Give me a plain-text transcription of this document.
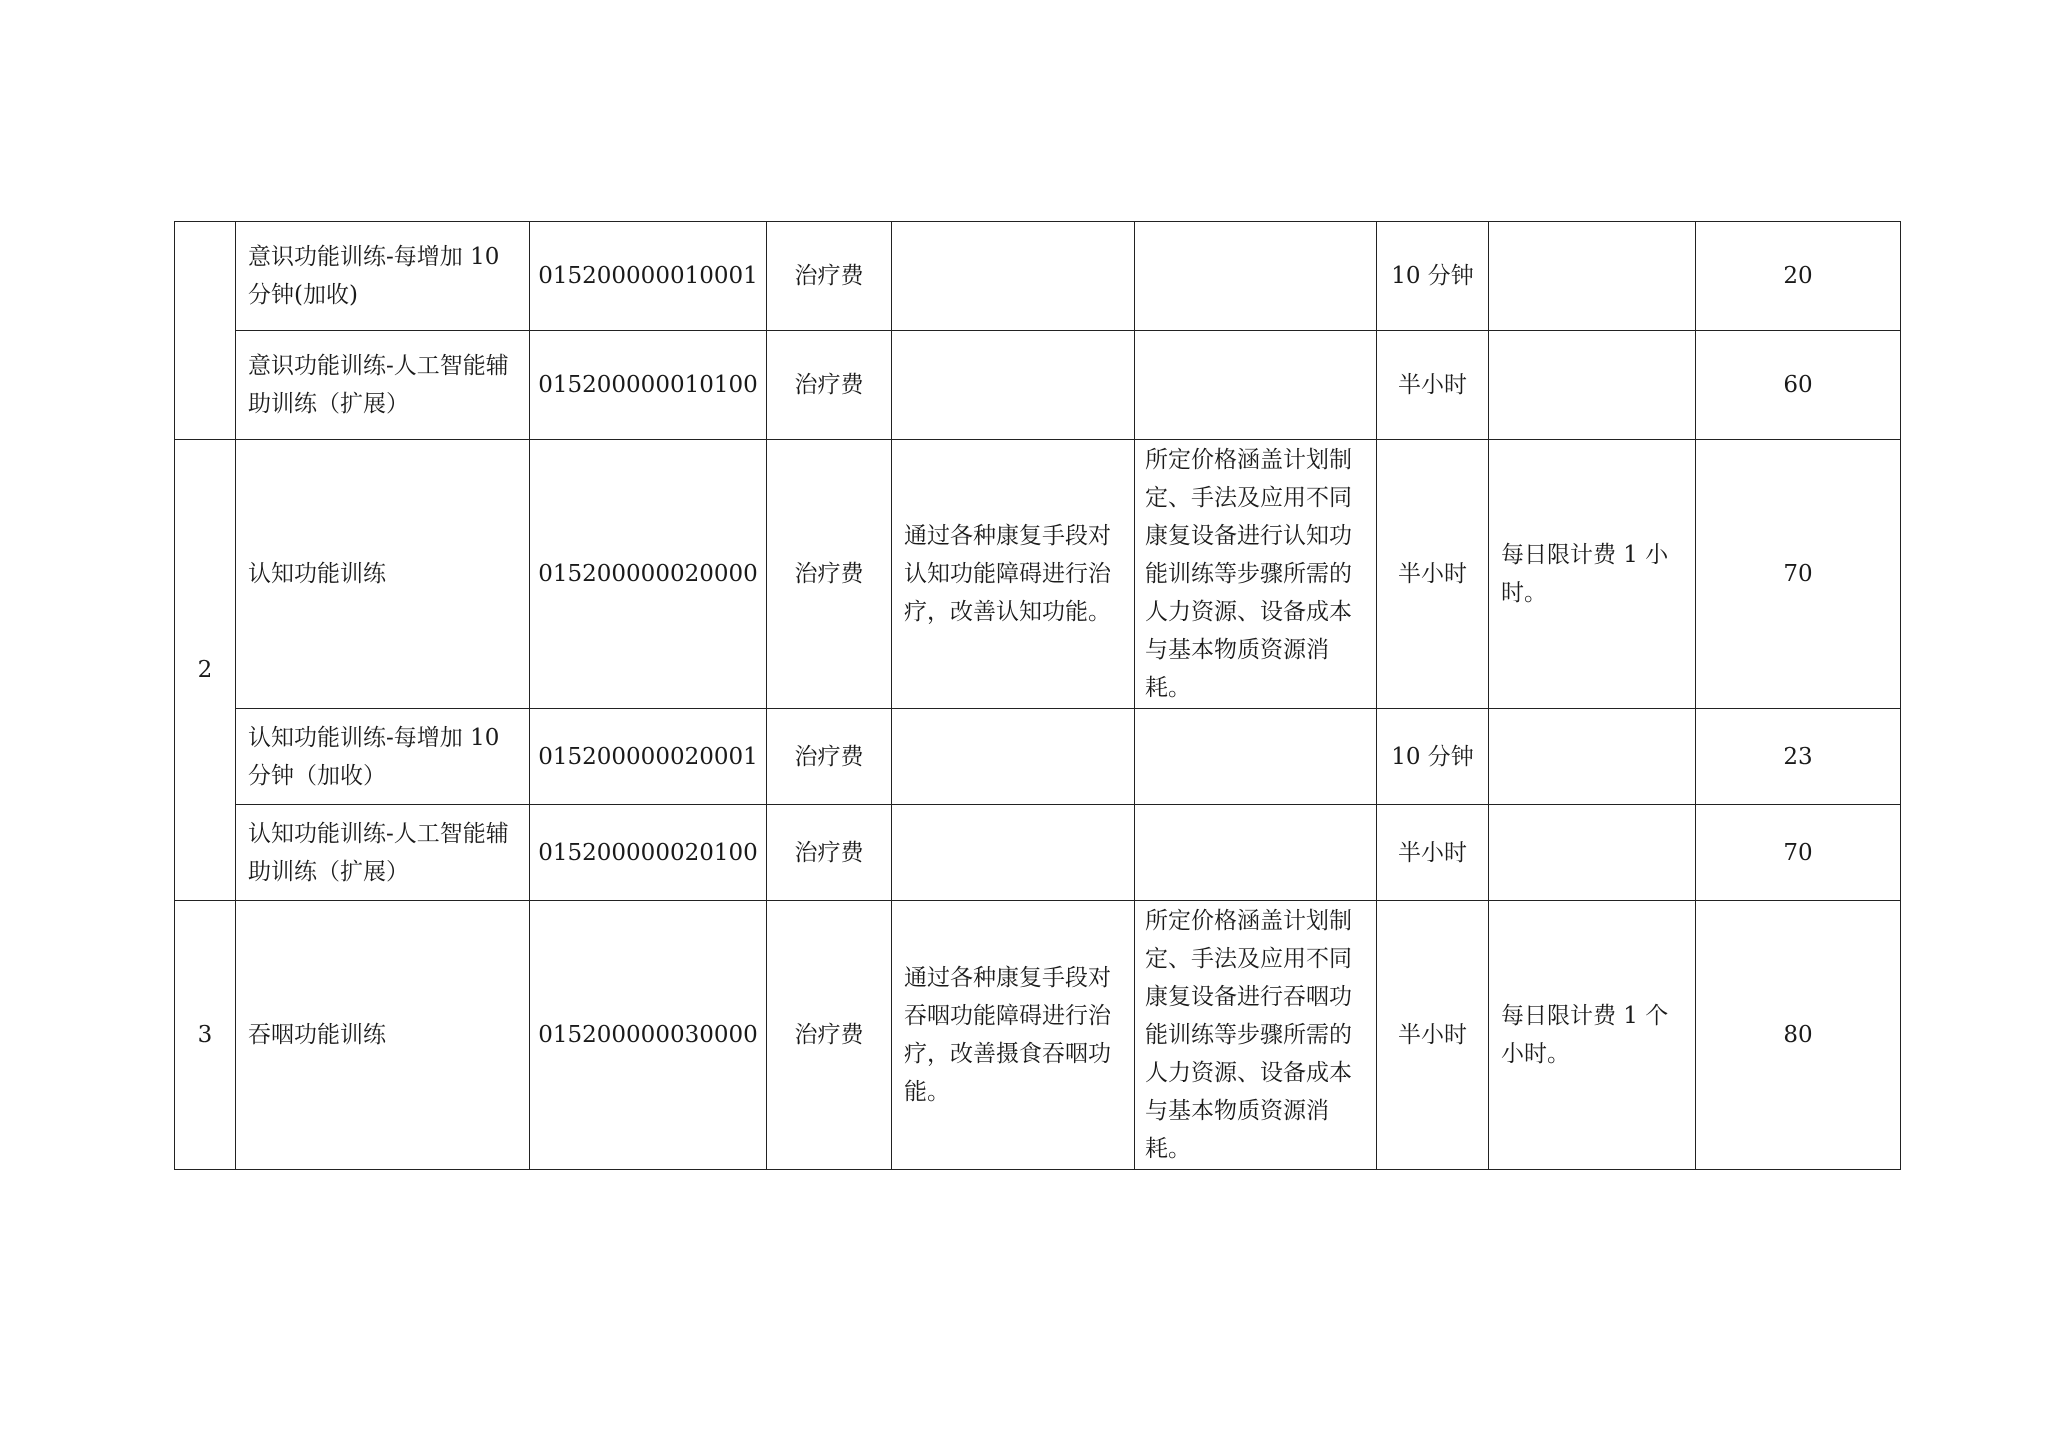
	意识功能训练-每增加 10 分钟(加收)	015200000010001	治疗费			10 分钟		20
	意识功能训练-人工智能辅助训练（扩展）	015200000010100	治疗费			半小时		60
2	认知功能训练	015200000020000	治疗费	通过各种康复手段对认知功能障碍进行治疗，改善认知功能。	所定价格涵盖计划制定、手法及应用不同康复设备进行认知功能训练等步骤所需的人力资源、设备成本与基本物质资源消耗。	半小时	每日限计费 1 小时。	70
	认知功能训练-每增加 10 分钟（加收）	015200000020001	治疗费			10 分钟		23
	认知功能训练-人工智能辅助训练（扩展）	015200000020100	治疗费			半小时		70
3	吞咽功能训练	015200000030000	治疗费	通过各种康复手段对吞咽功能障碍进行治疗，改善摄食吞咽功能。	所定价格涵盖计划制定、手法及应用不同康复设备进行吞咽功能训练等步骤所需的人力资源、设备成本与基本物质资源消耗。	半小时	每日限计费 1 个小时。	80
